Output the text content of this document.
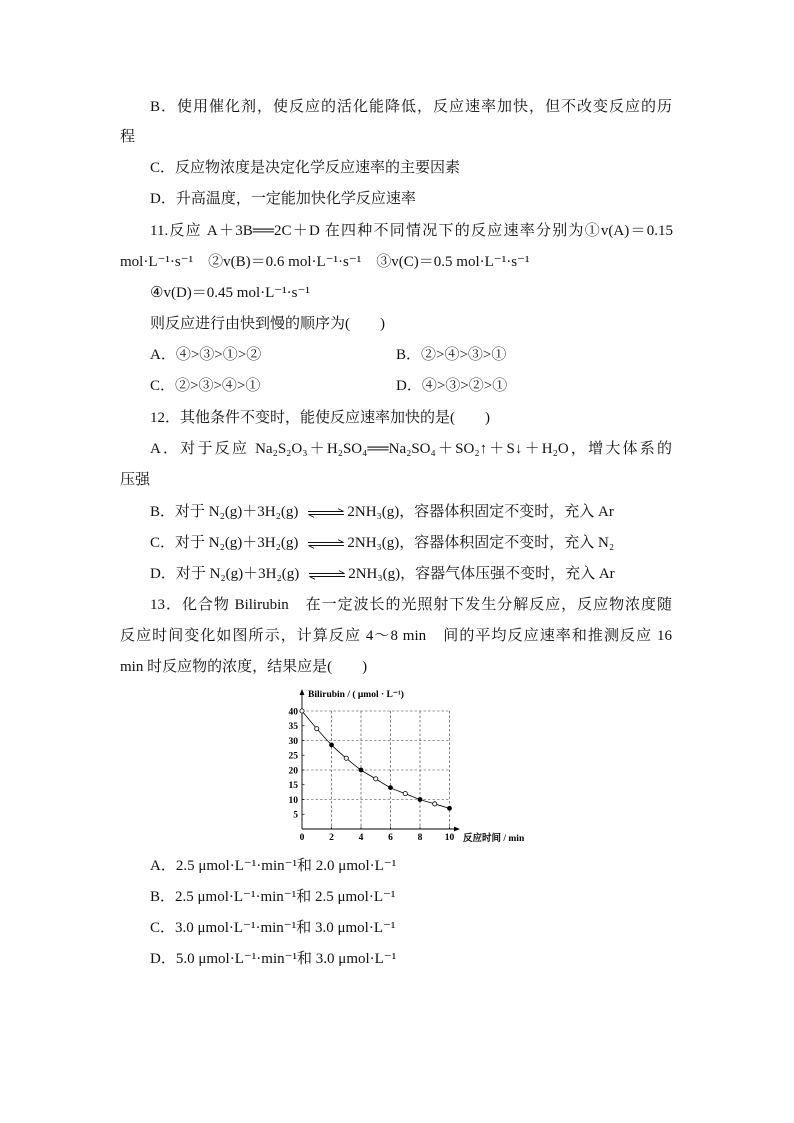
B．使用催化剂，使反应的活化能降低，反应速率加快，但不改变反应的历
程
C．反应物浓度是决定化学反应速率的主要因素
D．升高温度，一定能加快化学反应速率
11.反应 A＋3B══2C＋D 在四种不同情况下的反应速率分别为①v(A)＝0.15
mol·L⁻¹·s⁻¹　②v(B)＝0.6 mol·L⁻¹·s⁻¹　③v(C)＝0.5 mol·L⁻¹·s⁻¹
④v(D)＝0.45 mol·L⁻¹·s⁻¹
则反应进行由快到慢的顺序为(　　)
A．④>③>①>②	B．②>④>③>①
C．②>③>④>①	D．④>③>②>①
12．其他条件不变时，能使反应速率加快的是(　　)
A．对于反应 Na₂S₂O₃＋H₂SO₄══Na₂SO₄＋SO₂↑＋S↓＋H₂O，增大体系的
压强
B．对于 N₂(g)＋3H₂(g) ⇌ 2NH₃(g)，容器体积固定不变时，充入 Ar
C．对于 N₂(g)＋3H₂(g) ⇌ 2NH₃(g)，容器体积固定不变时，充入 N₂
D．对于 N₂(g)＋3H₂(g) ⇌ 2NH₃(g)，容器气体压强不变时，充入 Ar
13．化合物 Bilirubin　在一定波长的光照射下发生分解反应，反应物浓度随
反应时间变化如图所示，计算反应 4～8 min　间的平均反应速率和推测反应 16
min 时反应物的浓度，结果应是(　　)
Bilirubin / ( μmol · L⁻¹)
反应时间 / min
5
10
15
20
25
30
35
40
0	2	4	6	8 10
A．2.5 μmol·L⁻¹·min⁻¹和 2.0 μmol·L⁻¹
B．2.5 μmol·L⁻¹·min⁻¹和 2.5 μmol·L⁻¹
C．3.0 μmol·L⁻¹·min⁻¹和 3.0 μmol·L⁻¹
D．5.0 μmol·L⁻¹·min⁻¹和 3.0 μmol·L⁻¹
